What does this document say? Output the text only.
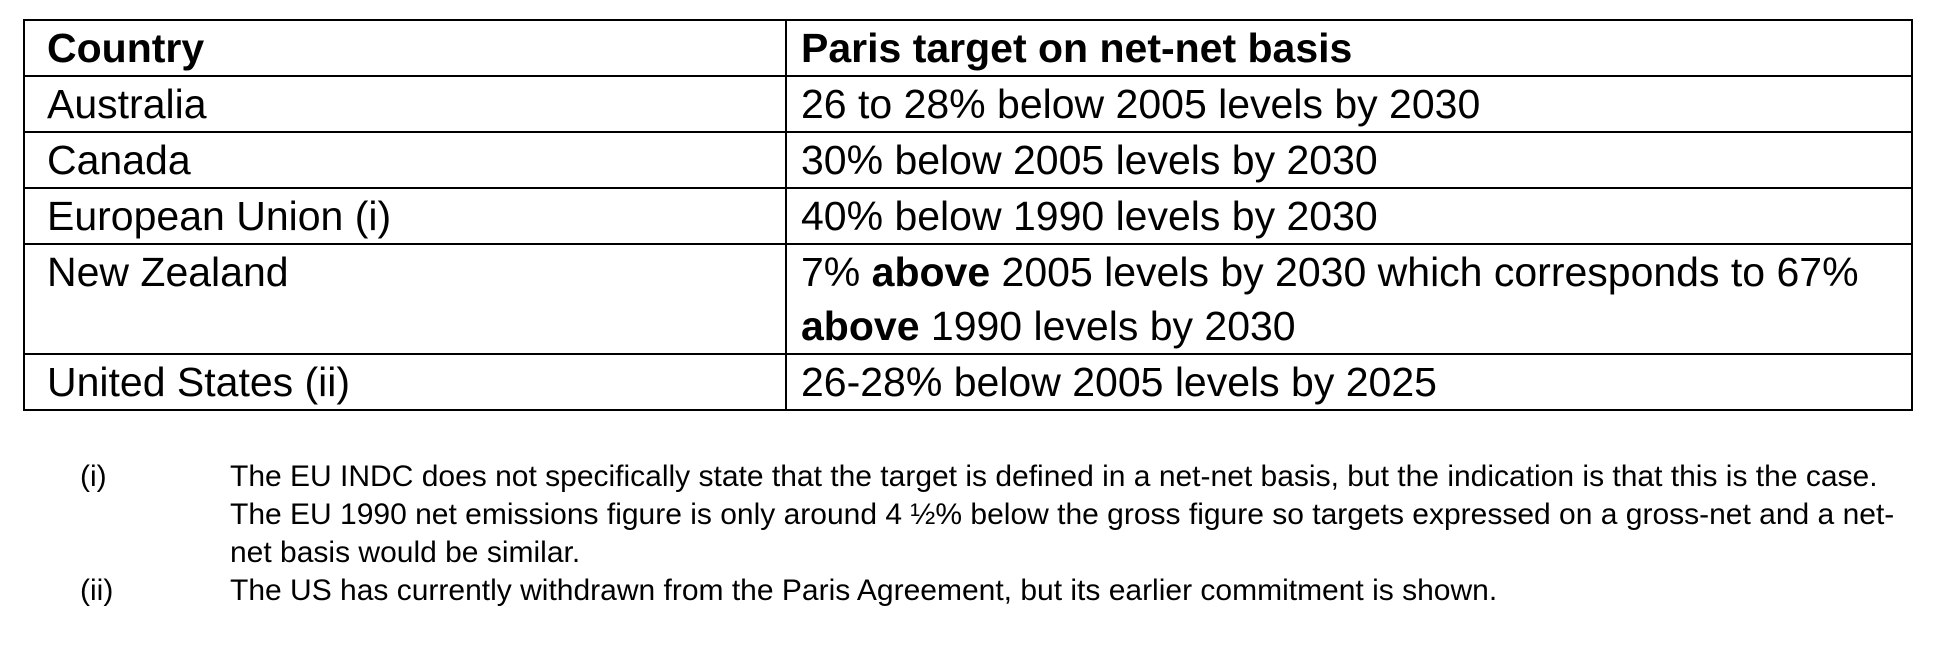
Country	Paris target on net-net basis
Australia	26 to 28% below 2005 levels by 2030
Canada	30% below 2005 levels by 2030
European Union (i)	40% below 1990 levels by 2030
New Zealand	7% above 2005 levels by 2030 which corresponds to 67% above 1990 levels by 2030
United States (ii)	26-28% below 2005 levels by 2025
(i)	The EU INDC does not specifically state that the target is defined in a net-net basis, but the indication is that this is the case. The EU 1990 net emissions figure is only around 4 ½% below the gross figure so targets expressed on a gross-net and a net-net basis would be similar.
(ii)	The US has currently withdrawn from the Paris Agreement, but its earlier commitment is shown.
